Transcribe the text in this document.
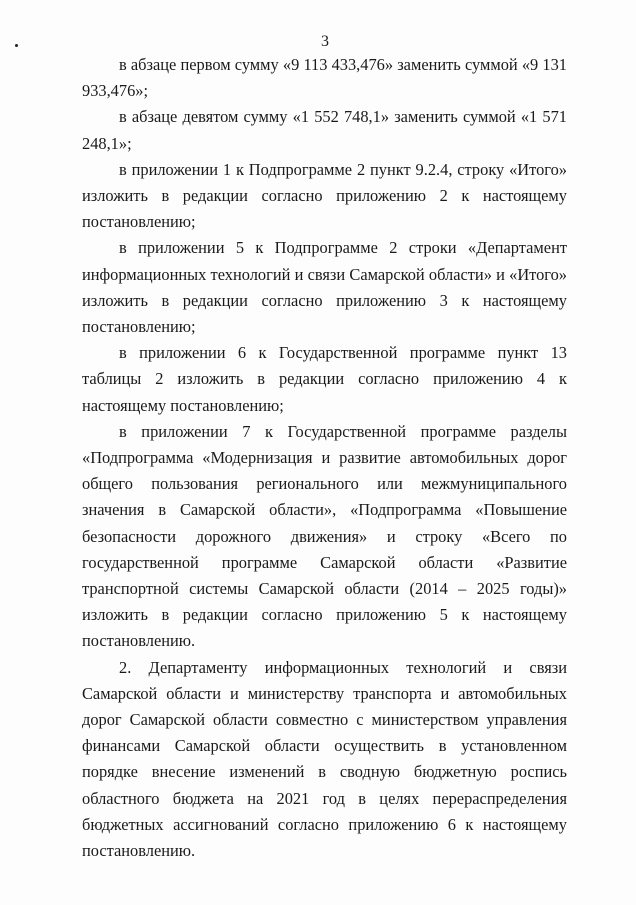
3

в абзаце первом сумму «9 113 433,476» заменить суммой «9 131 933,476»;

в абзаце девятом сумму «1 552 748,1» заменить суммой «1 571 248,1»;

в приложении 1 к Подпрограмме 2 пункт 9.2.4, строку «Итого» изложить в редакции согласно приложению 2 к настоящему постановлению;

в приложении 5 к Подпрограмме 2 строки «Департамент информационных технологий и связи Самарской области» и «Итого» изложить в редакции согласно приложению 3 к настоящему постановлению;

в приложении 6 к Государственной программе пункт 13 таблицы 2 изложить в редакции согласно приложению 4 к настоящему постановлению;

в приложении 7 к Государственной программе разделы «Подпрограмма «Модернизация и развитие автомобильных дорог общего пользования регионального или межмуниципального значения в Самарской области», «Подпрограмма «Повышение безопасности дорожного движения» и строку «Всего по государственной программе Самарской области «Развитие транспортной системы Самарской области (2014 – 2025 годы)» изложить в редакции согласно приложению 5 к настоящему постановлению.

2. Департаменту информационных технологий и связи Самарской области и министерству транспорта и автомобильных дорог Самарской области совместно с министерством управления финансами Самарской области осуществить в установленном порядке внесение изменений в сводную бюджетную роспись областного бюджета на 2021 год в целях перераспределения бюджетных ассигнований согласно приложению 6 к настоящему постановлению.
